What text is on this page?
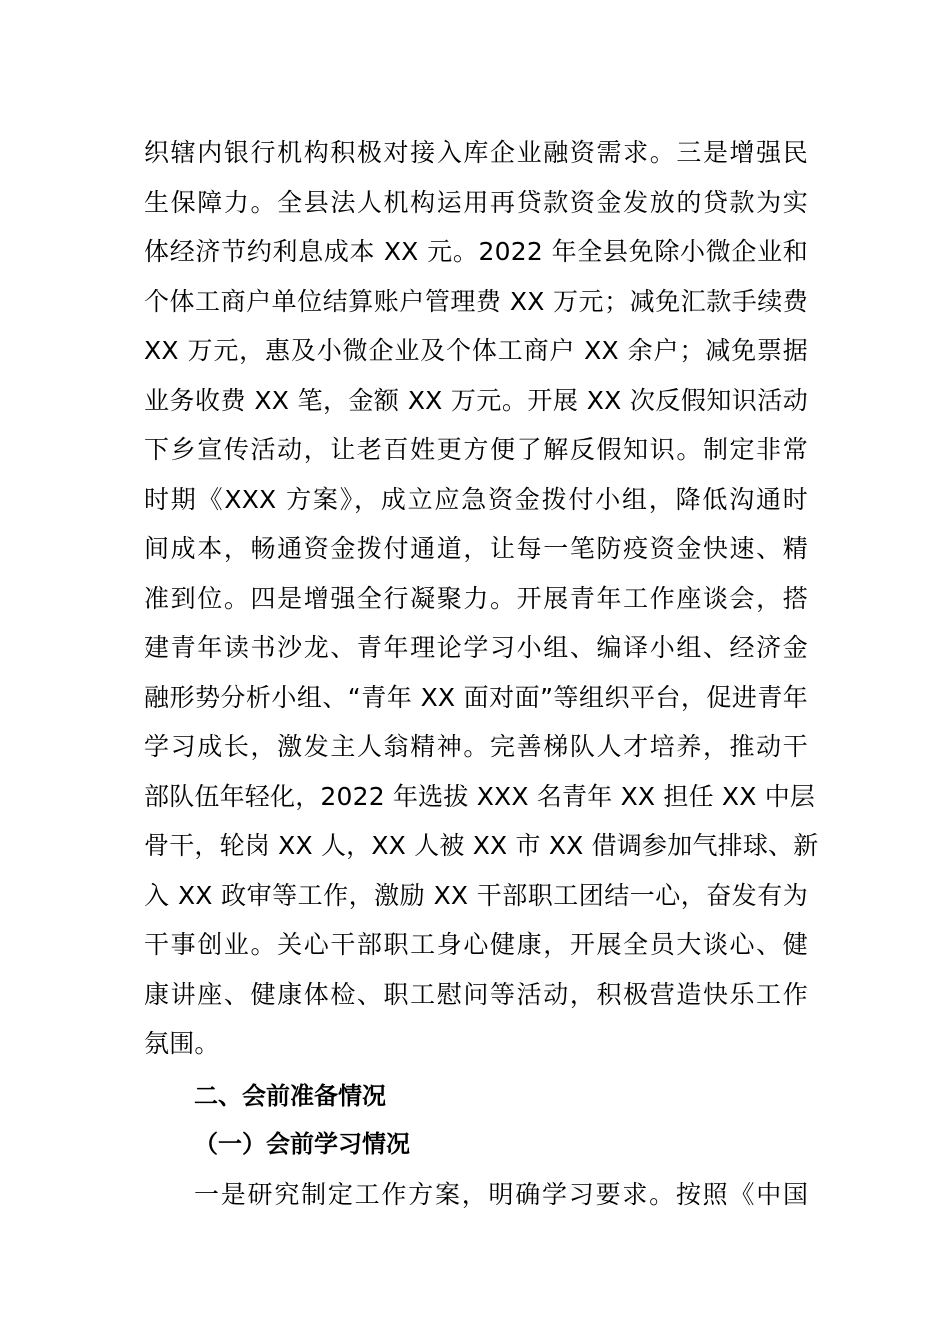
织辖内银行机构积极对接入库企业融资需求。三是增强民
生保障力。全县法人机构运用再贷款资金发放的贷款为实
体经济节约利息成本 XX 元。2022 年全县免除小微企业和
个体工商户单位结算账户管理费 XX 万元；减免汇款手续费
XX 万元，惠及小微企业及个体工商户 XX 余户；减免票据
业务收费 XX 笔，金额 XX 万元。开展 XX 次反假知识活动
下乡宣传活动，让老百姓更方便了解反假知识。制定非常
时期《XXX 方案》，成立应急资金拨付小组，降低沟通时
间成本，畅通资金拨付通道，让每一笔防疫资金快速、精
准到位。四是增强全行凝聚力。开展青年工作座谈会，搭
建青年读书沙龙、青年理论学习小组、编译小组、经济金
融形势分析小组、“青年 XX 面对面”等组织平台，促进青年
学习成长，激发主人翁精神。完善梯队人才培养，推动干
部队伍年轻化，2022 年选拔 XXX 名青年 XX 担任 XX 中层
骨干，轮岗 XX 人，XX 人被 XX 市 XX 借调参加气排球、新
入 XX 政审等工作，激励 XX 干部职工团结一心，奋发有为
干事创业。关心干部职工身心健康，开展全员大谈心、健
康讲座、健康体检、职工慰问等活动，积极营造快乐工作
氛围。
二、会前准备情况
（一）会前学习情况
一是研究制定工作方案，明确学习要求。按照《中国
